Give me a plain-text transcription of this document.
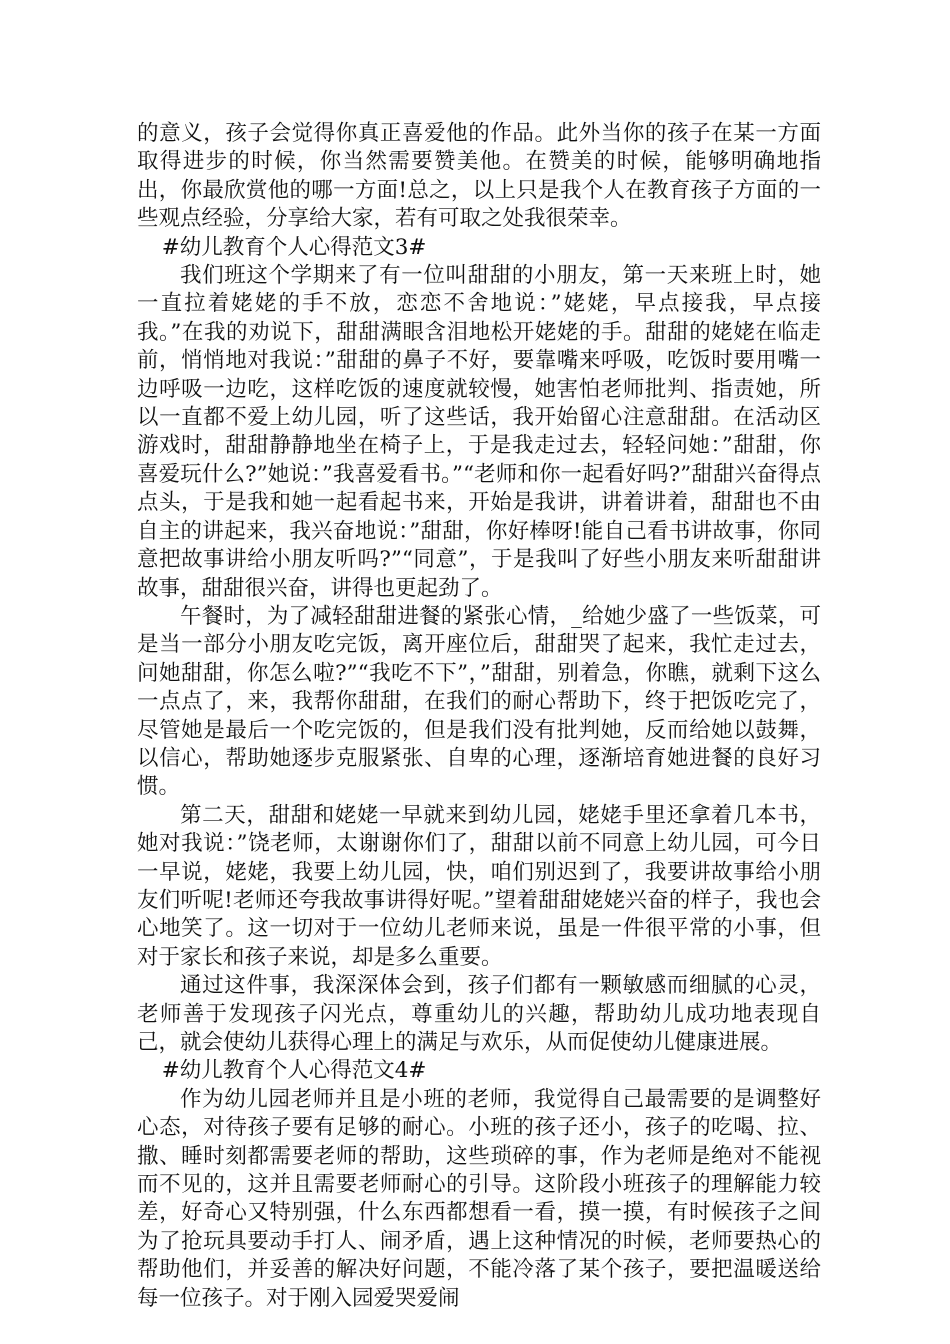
的意义，孩子会觉得你真正喜爱他的作品。此外当你的孩子在某一方面取得进步的时候，你当然需要赞美他。在赞美的时候，能够明确地指出，你最欣赏他的哪一方面!总之，以上只是我个人在教育孩子方面的一些观点经验，分享给大家，若有可取之处我很荣幸。

#幼儿教育个人心得范文3#

我们班这个学期来了有一位叫甜甜的小朋友，第一天来班上时，她一直拉着姥姥的手不放，恋恋不舍地说：”姥姥，早点接我，早点接我。”在我的劝说下，甜甜满眼含泪地松开姥姥的手。甜甜的姥姥在临走前，悄悄地对我说：”甜甜的鼻子不好，要靠嘴来呼吸，吃饭时要用嘴一边呼吸一边吃，这样吃饭的速度就较慢，她害怕老师批判、指责她，所以一直都不爱上幼儿园，听了这些话，我开始留心注意甜甜。在活动区游戏时，甜甜静静地坐在椅子上，于是我走过去，轻轻问她：”甜甜，你喜爱玩什么?”她说：”我喜爱看书。”“老师和你一起看好吗?”甜甜兴奋得点点头，于是我和她一起看起书来，开始是我讲，讲着讲着，甜甜也不由自主的讲起来，我兴奋地说：”甜甜，你好棒呀!能自己看书讲故事，你同意把故事讲给小朋友听吗?”“同意”，于是我叫了好些小朋友来听甜甜讲故事，甜甜很兴奋，讲得也更起劲了。

午餐时，为了减轻甜甜进餐的紧张心情，_给她少盛了一些饭菜，可是当一部分小朋友吃完饭，离开座位后，甜甜哭了起来，我忙走过去，问她甜甜，你怎么啦?”“我吃不下”，”甜甜，别着急，你瞧，就剩下这么一点点了，来，我帮你甜甜，在我们的耐心帮助下，终于把饭吃完了，尽管她是最后一个吃完饭的，但是我们没有批判她，反而给她以鼓舞，以信心，帮助她逐步克服紧张、自卑的心理，逐渐培育她进餐的良好习惯。

第二天，甜甜和姥姥一早就来到幼儿园，姥姥手里还拿着几本书，她对我说：”饶老师，太谢谢你们了，甜甜以前不同意上幼儿园，可今日一早说，姥姥，我要上幼儿园，快，咱们别迟到了，我要讲故事给小朋友们听呢!老师还夸我故事讲得好呢。”望着甜甜姥姥兴奋的样子，我也会心地笑了。这一切对于一位幼儿老师来说，虽是一件很平常的小事，但对于家长和孩子来说，却是多么重要。

通过这件事，我深深体会到，孩子们都有一颗敏感而细腻的心灵，老师善于发现孩子闪光点，尊重幼儿的兴趣，帮助幼儿成功地表现自己，就会使幼儿获得心理上的满足与欢乐，从而促使幼儿健康进展。

#幼儿教育个人心得范文4#

作为幼儿园老师并且是小班的老师，我觉得自己最需要的是调整好心态，对待孩子要有足够的耐心。小班的孩子还小，孩子的吃喝、拉、撒、睡时刻都需要老师的帮助，这些琐碎的事，作为老师是绝对不能视而不见的，这并且需要老师耐心的引导。这阶段小班孩子的理解能力较差，好奇心又特别强，什么东西都想看一看，摸一摸，有时候孩子之间为了抢玩具要动手打人、闹矛盾，遇上这种情况的时候，老师要热心的帮助他们，并妥善的解决好问题，不能冷落了某个孩子，要把温暖送给每一位孩子。对于刚入园爱哭爱闹
